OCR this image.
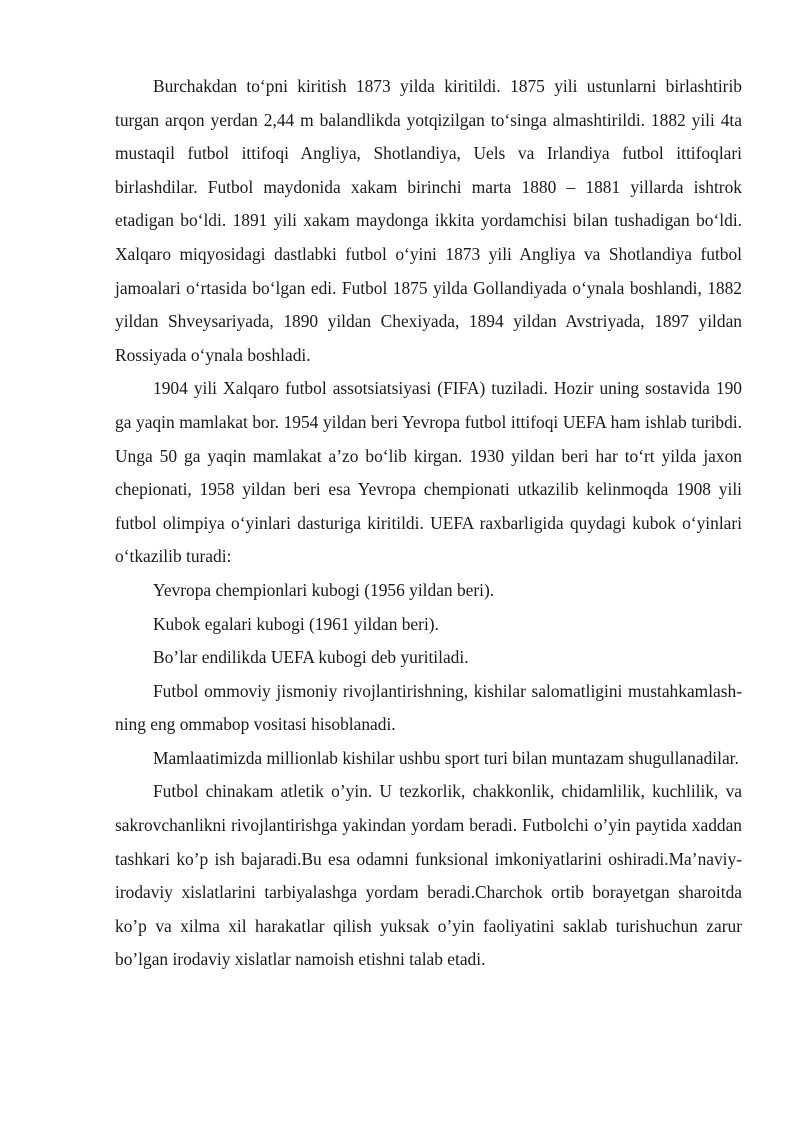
Burchakdan to‘pni kiritish 1873 yilda kiritildi. 1875 yili ustunlarni birlashtirib turgan arqon yerdan 2,44 m balandlikda yotqizilgan to‘singa almashtirildi. 1882 yili 4ta mustaqil futbol ittifoqi Angliya, Shotlandiya, Uels va Irlandiya futbol ittifoqlari birlashdilar. Futbol maydonida xakam birinchi marta 1880 – 1881 yillarda ishtrok etadigan bo‘ldi. 1891 yili xakam maydonga ikkita yordamchisi bilan tushadigan bo‘ldi. Xalqaro miqyosidagi dastlabki futbol o‘yini 1873 yili Angliya va Shotlandiya futbol jamoalari o‘rtasida bo‘lgan edi. Futbol 1875 yilda Gollandiyada o‘ynala boshlandi, 1882 yildan Shveysariyada, 1890 yildan Chexiyada, 1894 yildan Avstriyada, 1897 yildan Rossiyada o‘ynala boshladi.

1904 yili Xalqaro futbol assotsiatsiyasi (FIFA) tuziladi. Hozir uning sostavida 190 ga yaqin mamlakat bor. 1954 yildan beri Yevropa futbol ittifoqi UEFA ham ishlab turibdi. Unga 50 ga yaqin mamlakat a’zo bo‘lib kirgan. 1930 yildan beri har to‘rt yilda jaxon chepionati, 1958 yildan beri esa Yevropa chempionati utkazilib kelinmoqda 1908 yili futbol olimpiya o‘yinlari dasturiga kiritildi. UEFA raxbarligida quydagi kubok o‘yinlari o‘tkazilib turadi:

Yevropa chempionlari kubogi (1956 yildan beri).

Kubok egalari kubogi (1961 yildan beri).

Bo’lar endilikda UEFA kubogi deb yuritiladi.

Futbol ommoviy jismoniy rivojlantirishning, kishilar salomatligini mustahkamlash-ning eng ommabop vositasi hisoblanadi.

Mamlaatimizda millionlab kishilar ushbu sport turi bilan muntazam shugullanadilar.

Futbol chinakam atletik o’yin. U tezkorlik, chakkonlik, chidamlilik, kuchlilik, va sakrovchanlikni rivojlantirishga yakindan yordam beradi. Futbolchi o’yin paytida xaddan tashkari ko’p ish bajaradi.Bu esa odamni funksional imkoniyatlarini oshiradi.Ma’naviy-irodaviy xislatlarini tarbiyalashga yordam beradi.Charchok ortib borayetgan sharoitda ko’p va xilma xil harakatlar qilish yuksak o’yin faoliyatini saklab turishuchun zarur bo’lgan irodaviy xislatlar namoish etishni talab etadi.
